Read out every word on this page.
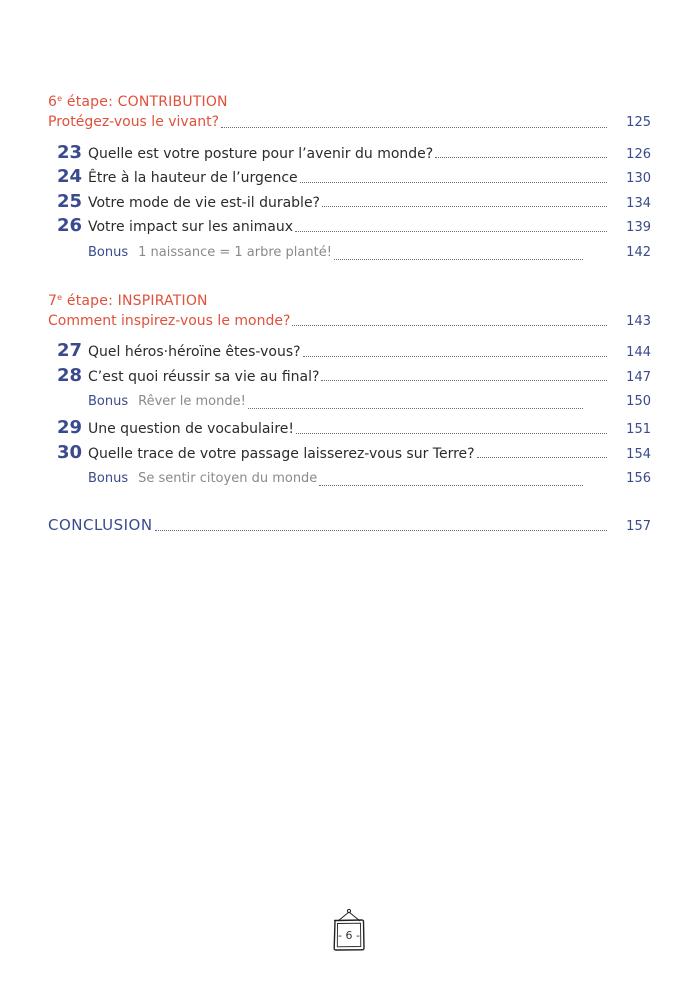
6e étape: CONTRIBUTION
Protégez-vous le vivant?	125
23 Quelle est votre posture pour l’avenir du monde?	126
24 Être à la hauteur de l’urgence	130
25 Votre mode de vie est-il durable?	134
26 Votre impact sur les animaux	139
Bonus 1 naissance = 1 arbre planté!	142
7e étape: INSPIRATION
Comment inspirez-vous le monde?	143
27 Quel héros·héroïne êtes-vous?	144
28 C’est quoi réussir sa vie au final?	147
Bonus Rêver le monde!	150
29 Une question de vocabulaire!	151
30 Quelle trace de votre passage laisserez-vous sur Terre?	154
Bonus Se sentir citoyen du monde	156
CONCLUSION	157
- 6 -
